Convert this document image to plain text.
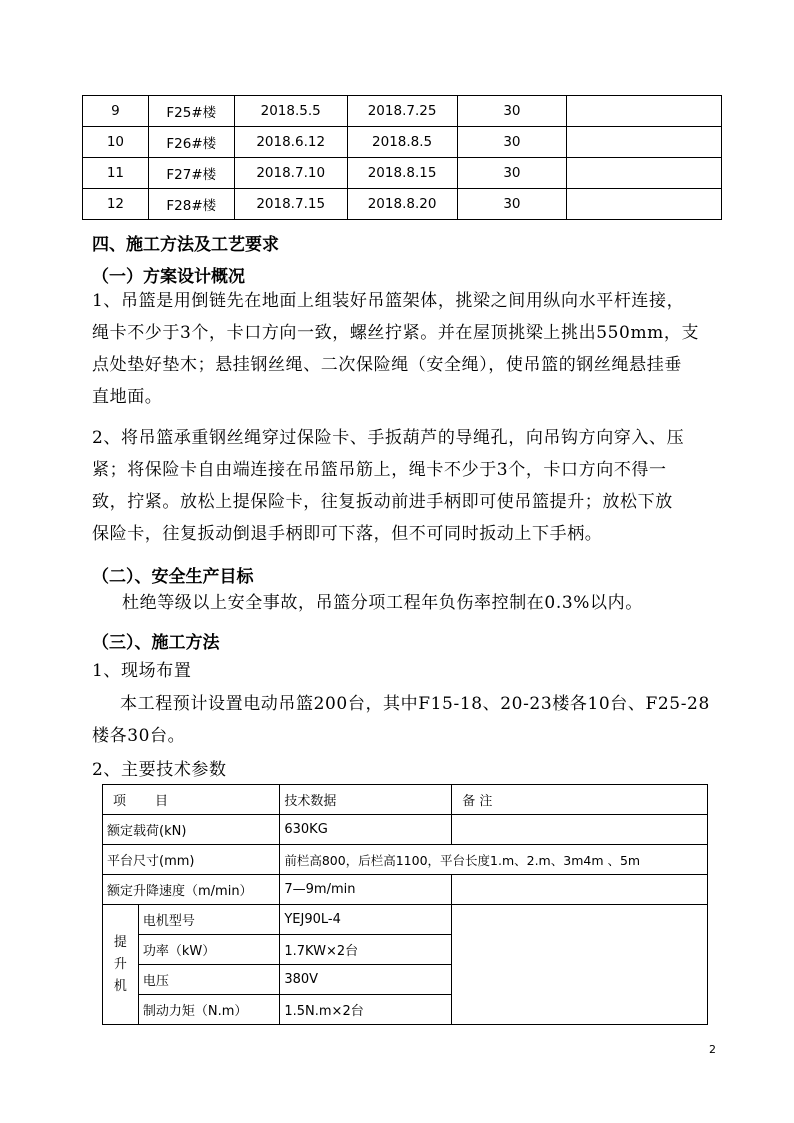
9	F25#楼	2018.5.5	2018.7.25	30	
10	F26#楼	2018.6.12	2018.8.5	30	
11	F27#楼	2018.7.10	2018.8.15	30	
12	F28#楼	2018.7.15	2018.8.20	30	
四、施工方法及工艺要求
（一）方案设计概况
1、吊篮是用倒链先在地面上组装好吊篮架体，挑梁之间用纵向水平杆连接，
绳卡不少于3个，卡口方向一致，螺丝拧紧。并在屋顶挑梁上挑出550mm，支
点处垫好垫木；悬挂钢丝绳、二次保险绳（安全绳），使吊篮的钢丝绳悬挂垂
直地面。
2、将吊篮承重钢丝绳穿过保险卡、手扳葫芦的导绳孔，向吊钩方向穿入、压
紧；将保险卡自由端连接在吊篮吊筋上，绳卡不少于3个，卡口方向不得一
致，拧紧。放松上提保险卡，往复扳动前进手柄即可使吊篮提升；放松下放
保险卡，往复扳动倒退手柄即可下落，但不可同时扳动上下手柄。
（二）、安全生产目标
杜绝等级以上安全事故，吊篮分项工程年负伤率控制在0.3%以内。
（三）、施工方法
1、现场布置
本工程预计设置电动吊篮200台，其中F15-18、20-23楼各10台、F25-28
楼各30台。
2、主要技术参数
项　　目		技术数据	备 注
额定载荷(kN)		630KG	
平台尺寸(mm)		前栏高800，后栏高1100，平台长度1.m、2.m、3m4m 、5m	
额定升降速度（m/min）		7—9m/min	

提
升
机	电机型号	YEJ90L-4	
	功率（kW）	1.7KW×2台	
	电压	380V	
	制动力矩（N.m）	1.5N.m×2台	
2
